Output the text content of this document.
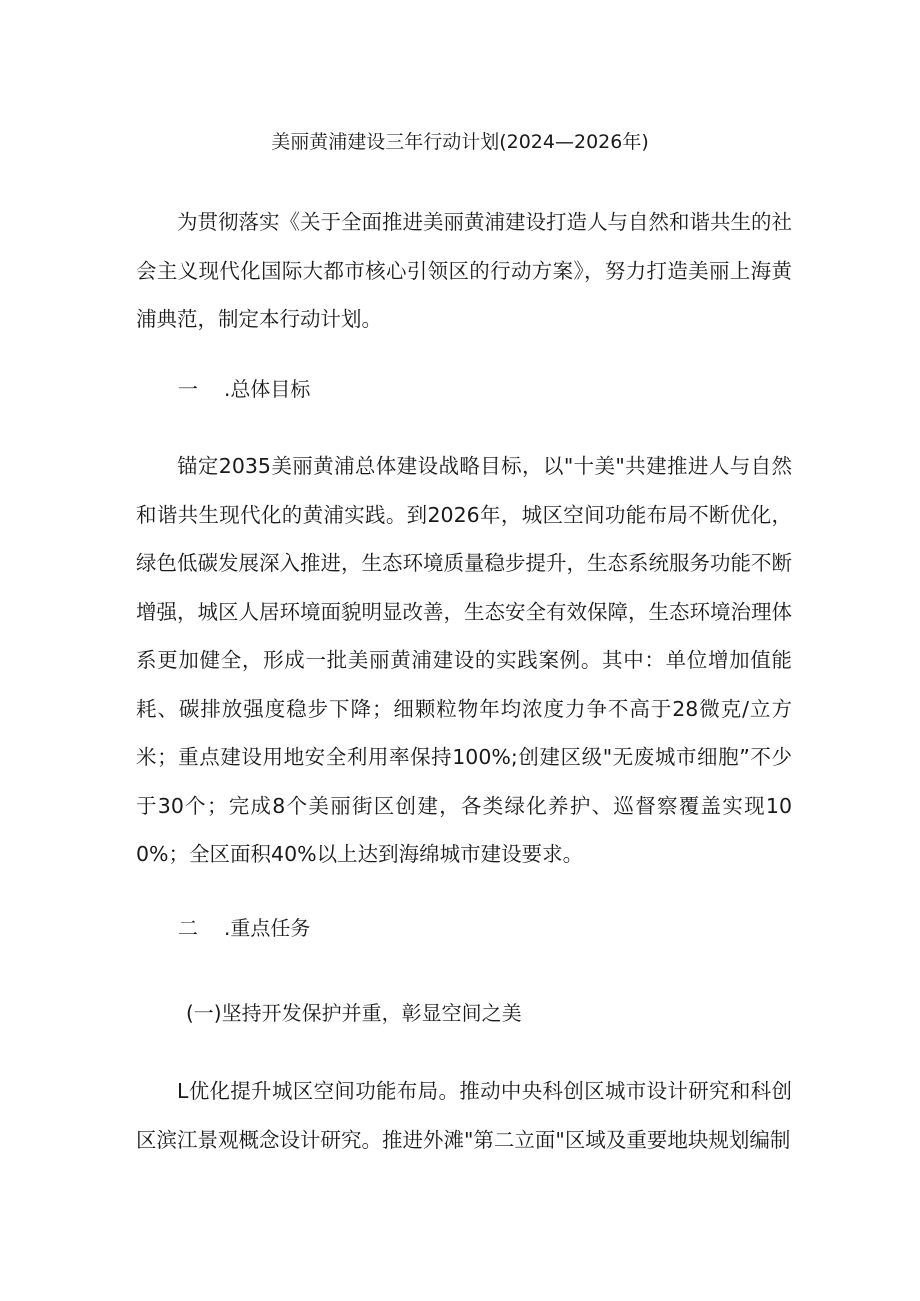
美丽黄浦建设三年行动计划(2024—2026年)

为贯彻落实《关于全面推进美丽黄浦建设打造人与自然和谐共生的社会主义现代化国际大都市核心引领区的行动方案》，努力打造美丽上海黄浦典范，制定本行动计划。

一 .总体目标

锚定2035美丽黄浦总体建设战略目标，以"十美"共建推进人与自然和谐共生现代化的黄浦实践。到2026年，城区空间功能布局不断优化，绿色低碳发展深入推进，生态环境质量稳步提升，生态系统服务功能不断增强，城区人居环境面貌明显改善，生态安全有效保障，生态环境治理体系更加健全，形成一批美丽黄浦建设的实践案例。其中：单位增加值能耗、碳排放强度稳步下降；细颗粒物年均浓度力争不高于28微克/立方米；重点建设用地安全利用率保持100%;创建区级"无废城市细胞”不少于30个；完成8个美丽街区创建，各类绿化养护、巡督察覆盖实现100%；全区面积40%以上达到海绵城市建设要求。

二 .重点任务
(一)坚持开发保护并重，彰显空间之美

L优化提升城区空间功能布局。推动中央科创区城市设计研究和科创区滨江景观概念设计研究。推进外滩"第二立面"区域及重要地块规划编制
